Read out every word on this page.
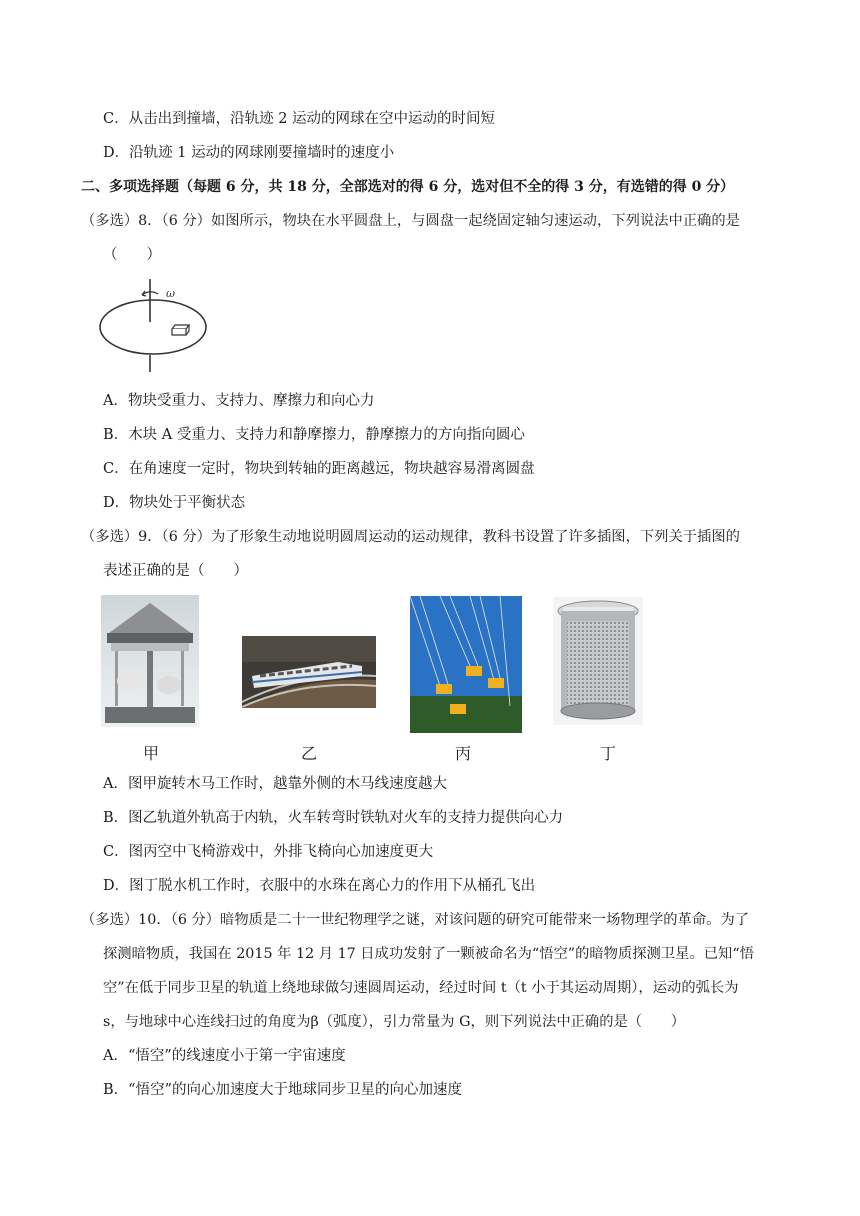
C．从击出到撞墙，沿轨迹 2 运动的网球在空中运动的时间短
D．沿轨迹 1 运动的网球刚要撞墙时的速度小
二、多项选择题（每题 6 分，共 18 分，全部选对的得 6 分，选对但不全的得 3 分，有选错的得 0 分）
（多选）8．（6 分）如图所示，物块在水平圆盘上，与圆盘一起绕固定轴匀速运动，下列说法中正确的是
（　　）
ω
A．物块受重力、支持力、摩擦力和向心力
B．木块 A 受重力、支持力和静摩擦力，静摩擦力的方向指向圆心
C．在角速度一定时，物块到转轴的距离越远，物块越容易滑离圆盘
D．物块处于平衡状态
（多选）9．（6 分）为了形象生动地说明圆周运动的运动规律，教科书设置了许多插图，下列关于插图的
表述正确的是（　　）
甲	乙	丙	丁
A．图甲旋转木马工作时，越靠外侧的木马线速度越大
B．图乙轨道外轨高于内轨，火车转弯时铁轨对火车的支持力提供向心力
C．图丙空中飞椅游戏中，外排飞椅向心加速度更大
D．图丁脱水机工作时，衣服中的水珠在离心力的作用下从桶孔飞出
（多选）10．（6 分）暗物质是二十一世纪物理学之谜，对该问题的研究可能带来一场物理学的革命。为了
探测暗物质，我国在 2015 年 12 月 17 日成功发射了一颗被命名为“悟空”的暗物质探测卫星。已知“悟
空”在低于同步卫星的轨道上绕地球做匀速圆周运动，经过时间 t（t 小于其运动周期），运动的弧长为
s，与地球中心连线扫过的角度为β（弧度），引力常量为 G，则下列说法中正确的是（　　）
A．“悟空”的线速度小于第一宇宙速度
B．“悟空”的向心加速度大于地球同步卫星的向心加速度
